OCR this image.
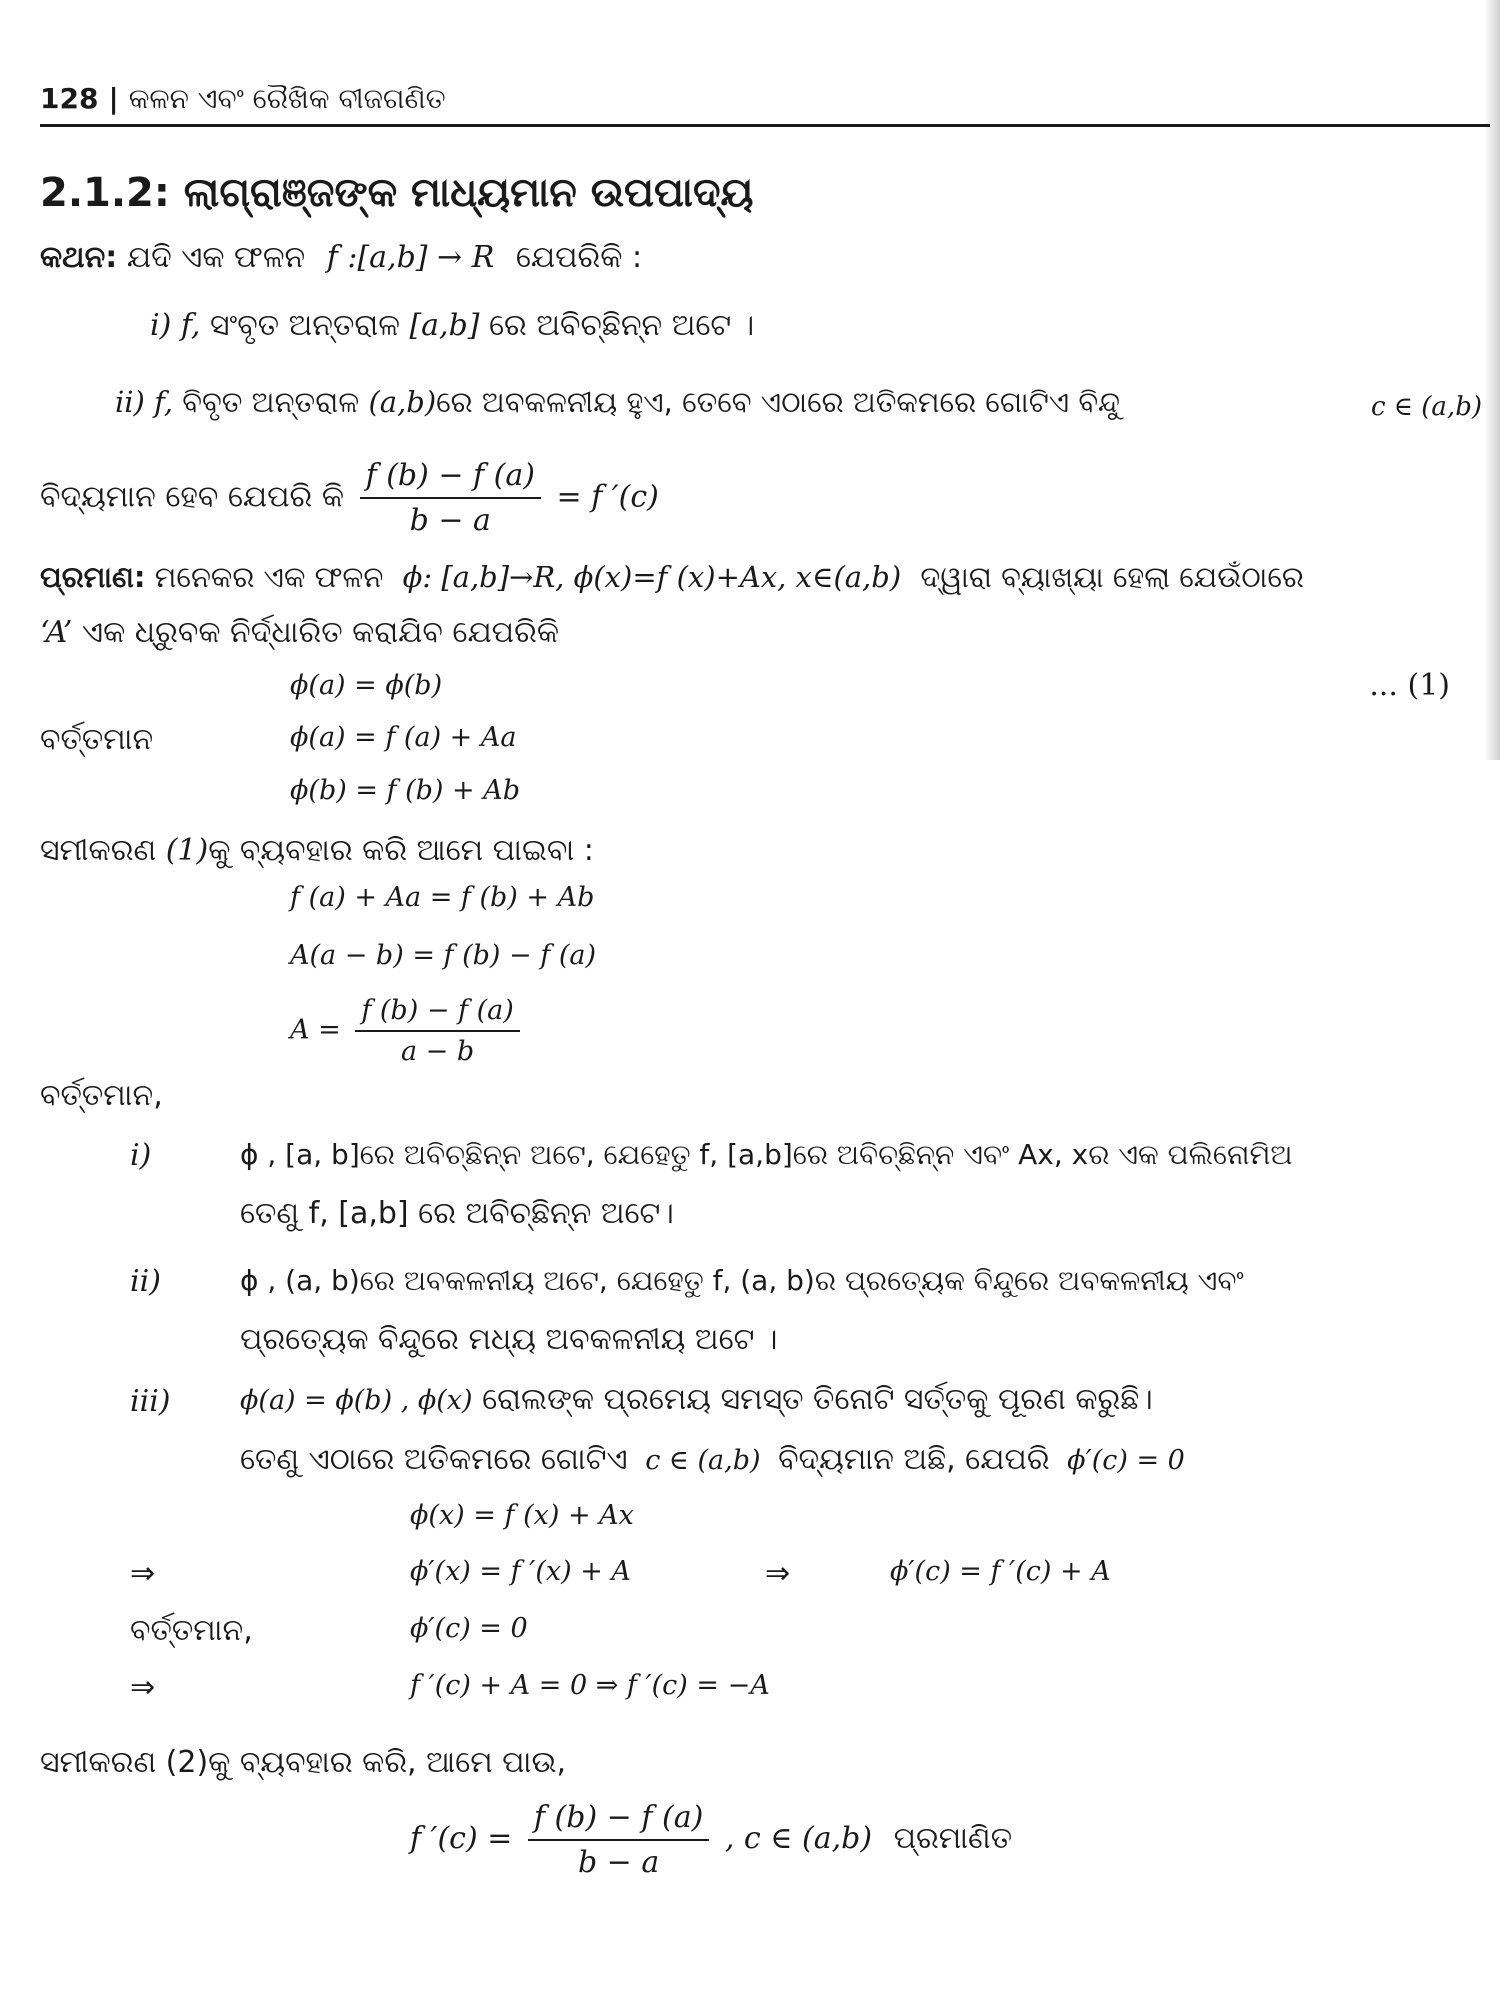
128 | କଳନ ଏବଂ ରୈଖିକ ବୀଜଗଣିତ
2.1.2: ଲାଗ୍ରାଞ୍ଜଙ୍କ ମାଧ୍ୟମାନ ଉପପାଦ୍ୟ
କଥନ: ଯଦି ଏକ ଫଳନ f :[a,b] → R ଯେପରିକି :
i) f, ସଂବୃତ ଅନ୍ତରାଳ [a,b] ରେ ଅବିଚ୍ଛିନ୍ନ ଅଟେ ।
ii) f, ବିବୃତ ଅନ୍ତରାଳ (a,b)ରେ ଅବକଳନୀୟ ହୁଏ, ତେବେ ଏଠାରେ ଅତିକମରେ ଗୋଟିଏ ବିନ୍ଦୁ	c ∈ (a,b)
ବିଦ୍ୟମାନ ହେବ ଯେପରି କି $\frac{f (b) - f (a)}{b - a} = f$ ′(c)
ପ୍ରମାଣ: ମନେକର ଏକ ଫଳନ ϕ: [a,b]→R, ϕ(x)=f (x)+Ax, x∈(a,b) ଦ୍ୱାରା ବ୍ୟାଖ୍ୟା ହେଲା ଯେଉଁଠାରେ
‘A’ ଏକ ଧ୍ରୁବକ ନିର୍ଦ୍ଧାରିତ କରାଯିବ ଯେପରିକି
ϕ(a) = ϕ(b)	... (1)
ବର୍ତ୍ତମାନ	ϕ(a) = f (a) + Aa
ϕ(b) = f (b) + Ab
ସମୀକରଣ (1)କୁ ବ୍ୟବହାର କରି ଆମେ ପାଇବା :
f (a) + Aa = f (b) + Ab
A(a − b) = f (b) − f (a)
$A = \frac{f (b) - f (a)}{a - b}$
ବର୍ତ୍ତମାନ,
i)	ϕ , [a, b]ରେ ଅବିଚ୍ଛିନ୍ନ ଅଟେ, ଯେହେତୁ f, [a,b]ରେ ଅବିଚ୍ଛିନ୍ନ ଏବଂ Ax, xର ଏକ ପଲିନୋମିଅ
ତେଣୁ f, [a,b] ରେ ଅବିଚ୍ଛିନ୍ନ ଅଟେ।
ii)	ϕ , (a, b)ରେ ଅବକଳନୀୟ ଅଟେ, ଯେହେତୁ f, (a, b)ର ପ୍ରତ୍ୟେକ ବିନ୍ଦୁରେ ଅବକଳନୀୟ ଏବଂ
ପ୍ରତ୍ୟେକ ବିନ୍ଦୁରେ ମଧ୍ୟ ଅବକଳନୀୟ ଅଟେ ।
iii)	ϕ(a) = ϕ(b) , ϕ(x) ରୋଲଙ୍କ ପ୍ରମେୟ ସମସ୍ତ ତିନୋଟି ସର୍ତ୍ତକୁ ପୂରଣ କରୁଛି।
ତେଣୁ ଏଠାରେ ଅତିକମରେ ଗୋଟିଏ c ∈ (a,b) ବିଦ୍ୟମାନ ଅଛି, ଯେପରି ϕ′(c) = 0
ϕ(x) = f (x) + Ax
⇒	ϕ′(x) = f ′(x) + A	⇒	ϕ′(c) = f ′(c) + A
ବର୍ତ୍ତମାନ,	ϕ′(c) = 0
⇒	f ′(c) + A = 0 ⇒ f ′(c) = −A
ସମୀକରଣ (2)କୁ ବ୍ୟବହାର କରି, ଆମେ ପାଉ,
f $'(c) = \frac{f (b) - f (a)}{b - a}$ , c ∈ (a,b) ପ୍ରମାଣିତ
